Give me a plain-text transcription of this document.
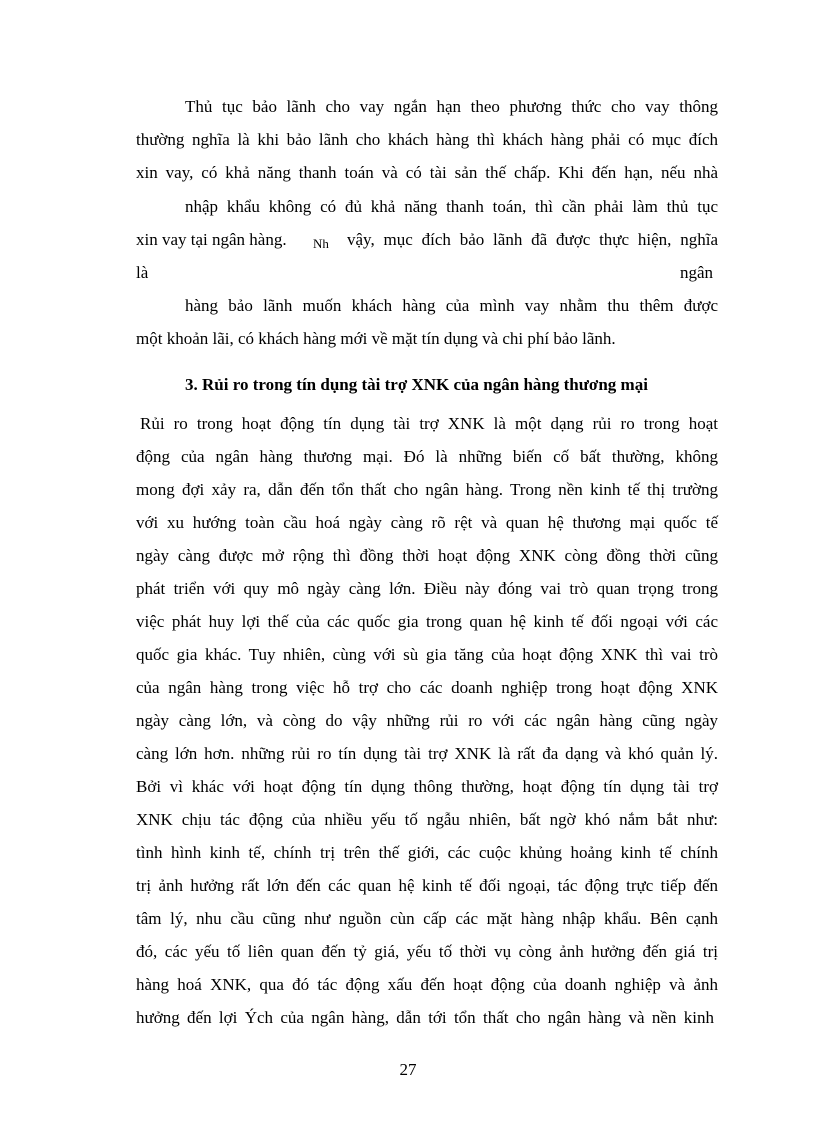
Thủ tục bảo lãnh cho vay ngắn hạn theo phương thức cho vay thông

thường nghĩa là khi bảo lãnh cho khách hàng thì khách hàng phải có mục đích

xin vay, có khả năng thanh toán và có tài sản thế chấp. Khi đến hạn, nếu nhà

nhập khẩu không có đủ khả năng thanh toán, thì cần phải làm thủ tục

xin vay tại ngân hàng. Nh vậy, mục đích bảo lãnh đã được thực hiện, nghĩa

là	ngân

hàng bảo lãnh muốn khách hàng của mình vay nhằm thu thêm được

một khoản lãi, có khách hàng mới về mặt tín dụng và chi phí bảo lãnh.

3. Rủi ro trong tín dụng tài trợ XNK của ngân hàng thương mại

Rủi ro trong hoạt động tín dụng tài trợ XNK là một dạng rủi ro trong hoạt

động của ngân hàng thương mại. Đó là những biến cố bất thường, không

mong đợi xảy ra, dẫn đến tổn thất cho ngân hàng. Trong nền kinh tế thị trường

với xu hướng toàn cầu hoá ngày càng rõ rệt và quan hệ thương mại quốc tế

ngày càng được mở rộng thì đồng thời hoạt động XNK còng đồng thời cũng

phát triển với quy mô ngày càng lớn. Điều này đóng vai trò quan trọng trong

việc phát huy lợi thế của các quốc gia trong quan hệ kinh tế đối ngoại với các

quốc gia khác. Tuy nhiên, cùng với sù gia tăng của hoạt động XNK thì vai trò

của ngân hàng trong việc hỗ trợ cho các doanh nghiệp trong hoạt động XNK

ngày càng lớn, và còng do vậy những rủi ro với các ngân hàng cũng ngày

càng lớn hơn. những rủi ro tín dụng tài trợ XNK là rất đa dạng và khó quản lý.

Bởi vì khác với hoạt động tín dụng thông thường, hoạt động tín dụng tài trợ

XNK chịu tác động của nhiều yếu tố ngẫu nhiên, bất ngờ khó nắm bắt như:

tình hình kinh tế, chính trị trên thế giới, các cuộc khủng hoảng kinh tế chính

trị ảnh hưởng rất lớn đến các quan hệ kinh tế đối ngoại, tác động trực tiếp đến

tâm lý, nhu cầu cũng như nguồn cùn cấp các mặt hàng nhập khẩu. Bên cạnh

đó, các yếu tố liên quan đến tỷ giá, yếu tố thời vụ còng ảnh hưởng đến giá trị

hàng hoá XNK, qua đó tác động xấu đến hoạt động của doanh nghiệp và ảnh

hưởng đến lợi Ých của ngân hàng, dẫn tới tổn thất cho ngân hàng và nền kinh

27
